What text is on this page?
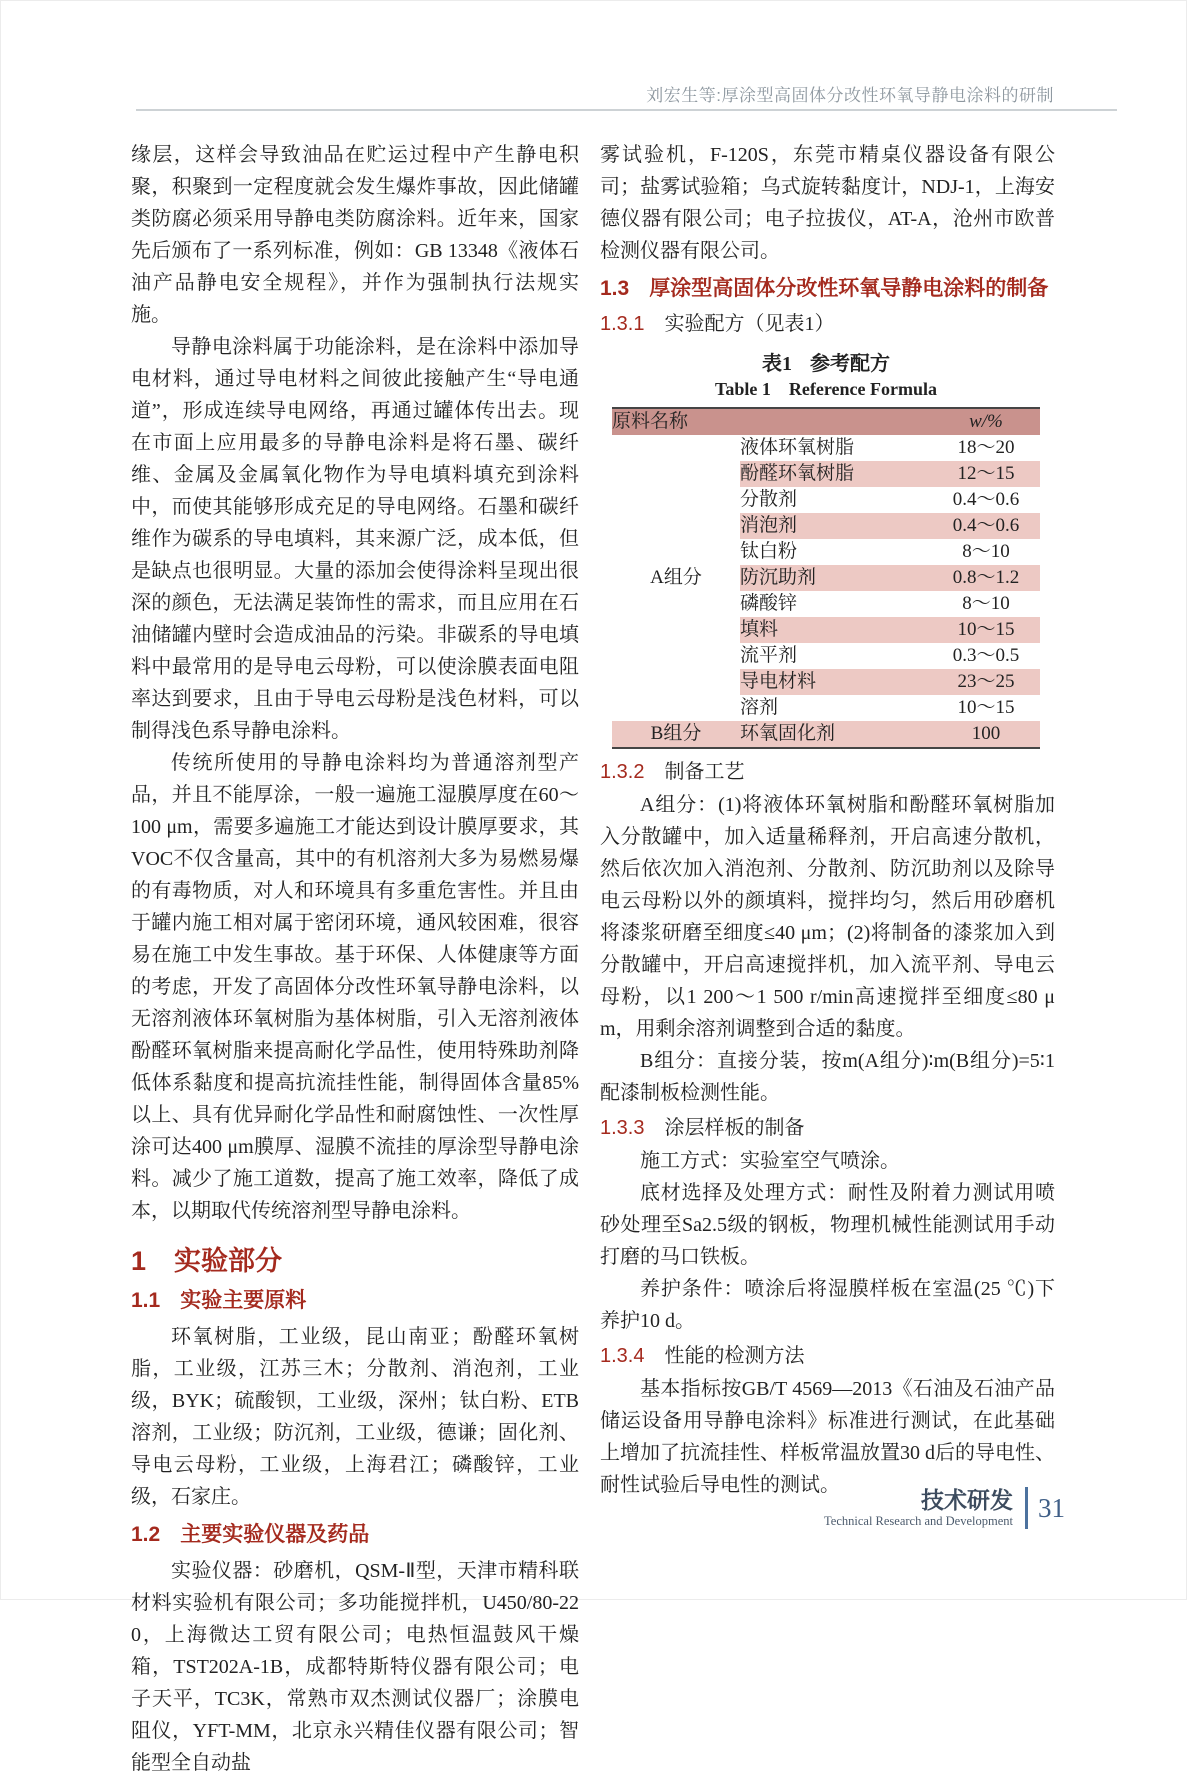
刘宏生等:厚涂型高固体分改性环氧导静电涂料的研制

缘层，这样会导致油品在贮运过程中产生静电积聚，积聚到一定程度就会发生爆炸事故，因此储罐类防腐必须采用导静电类防腐涂料。近年来，国家先后颁布了一系列标准，例如：GB 13348《液体石油产品静电安全规程》，并作为强制执行法规实施。

导静电涂料属于功能涂料，是在涂料中添加导电材料，通过导电材料之间彼此接触产生“导电通道”，形成连续导电网络，再通过罐体传出去。现在市面上应用最多的导静电涂料是将石墨、碳纤维、金属及金属氧化物作为导电填料填充到涂料中，而使其能够形成充足的导电网络。石墨和碳纤维作为碳系的导电填料，其来源广泛，成本低，但是缺点也很明显。大量的添加会使得涂料呈现出很深的颜色，无法满足装饰性的需求，而且应用在石油储罐内壁时会造成油品的污染。非碳系的导电填料中最常用的是导电云母粉，可以使涂膜表面电阻率达到要求，且由于导电云母粉是浅色材料，可以制得浅色系导静电涂料。

传统所使用的导静电涂料均为普通溶剂型产品，并且不能厚涂，一般一遍施工湿膜厚度在60～100 μm，需要多遍施工才能达到设计膜厚要求，其VOC不仅含量高，其中的有机溶剂大多为易燃易爆的有毒物质，对人和环境具有多重危害性。并且由于罐内施工相对属于密闭环境，通风较困难，很容易在施工中发生事故。基于环保、人体健康等方面的考虑，开发了高固体分改性环氧导静电涂料，以无溶剂液体环氧树脂为基体树脂，引入无溶剂液体酚醛环氧树脂来提高耐化学品性，使用特殊助剂降低体系黏度和提高抗流挂性能，制得固体含量85%以上、具有优异耐化学品性和耐腐蚀性、一次性厚涂可达400 μm膜厚、湿膜不流挂的厚涂型导静电涂料。减少了施工道数，提高了施工效率，降低了成本，以期取代传统溶剂型导静电涂料。

1 实验部分
1.1 实验主要原料

环氧树脂，工业级，昆山南亚；酚醛环氧树脂，工业级，江苏三木；分散剂、消泡剂，工业级，BYK；硫酸钡，工业级，深州；钛白粉、ETB溶剂，工业级；防沉剂，工业级，德谦；固化剂、导电云母粉，工业级，上海君江；磷酸锌，工业级，石家庄。

1.2 主要实验仪器及药品

实验仪器：砂磨机，QSM-Ⅱ型，天津市精科联材料实验机有限公司；多功能搅拌机，U450/80-220，上海微达工贸有限公司；电热恒温鼓风干燥箱，TST202A-1B，成都特斯特仪器有限公司；电子天平，TC3K，常熟市双杰测试仪器厂；涂膜电阻仪，YFT-MM，北京永兴精佳仪器有限公司；智能型全自动盐

雾试验机，F-120S，东莞市精桌仪器设备有限公司；盐雾试验箱；乌式旋转黏度计，NDJ-1，上海安德仪器有限公司；电子拉拔仪，AT-A，沧州市欧普检测仪器有限公司。

1.3 厚涂型高固体分改性环氧导静电涂料的制备
1.3.1 实验配方（见表1）
表1 参考配方
Table 1 Reference Formula
原料名称		w/%
A组分	液体环氧树脂	18～20
	酚醛环氧树脂	12～15
	分散剂	0.4～0.6
	消泡剂	0.4～0.6
	钛白粉	8～10
	防沉助剂	0.8～1.2
	磷酸锌	8～10
	填料	10～15
	流平剂	0.3～0.5
	导电材料	23～25
	溶剂	10～15
B组分	环氧固化剂	100
1.3.2 制备工艺

A组分：(1)将液体环氧树脂和酚醛环氧树脂加入分散罐中，加入适量稀释剂，开启高速分散机，然后依次加入消泡剂、分散剂、防沉助剂以及除导电云母粉以外的颜填料，搅拌均匀，然后用砂磨机将漆浆研磨至细度≤40 μm；(2)将制备的漆浆加入到分散罐中，开启高速搅拌机，加入流平剂、导电云母粉，以1 200～1 500 r/min高速搅拌至细度≤80 μm，用剩余溶剂调整到合适的黏度。

B组分：直接分装，按m(A组分)∶m(B组分)=5∶1配漆制板检测性能。

1.3.3 涂层样板的制备

施工方式：实验室空气喷涂。

底材选择及处理方式：耐性及附着力测试用喷砂处理至Sa2.5级的钢板，物理机械性能测试用手动打磨的马口铁板。

养护条件：喷涂后将湿膜样板在室温(25 ℃)下养护10 d。

1.3.4 性能的检测方法

基本指标按GB/T 4569—2013《石油及石油产品储运设备用导静电涂料》标准进行测试，在此基础上增加了抗流挂性、样板常温放置30 d后的导电性、耐性试验后导电性的测试。

技术研发
Technical Research and Development 31
